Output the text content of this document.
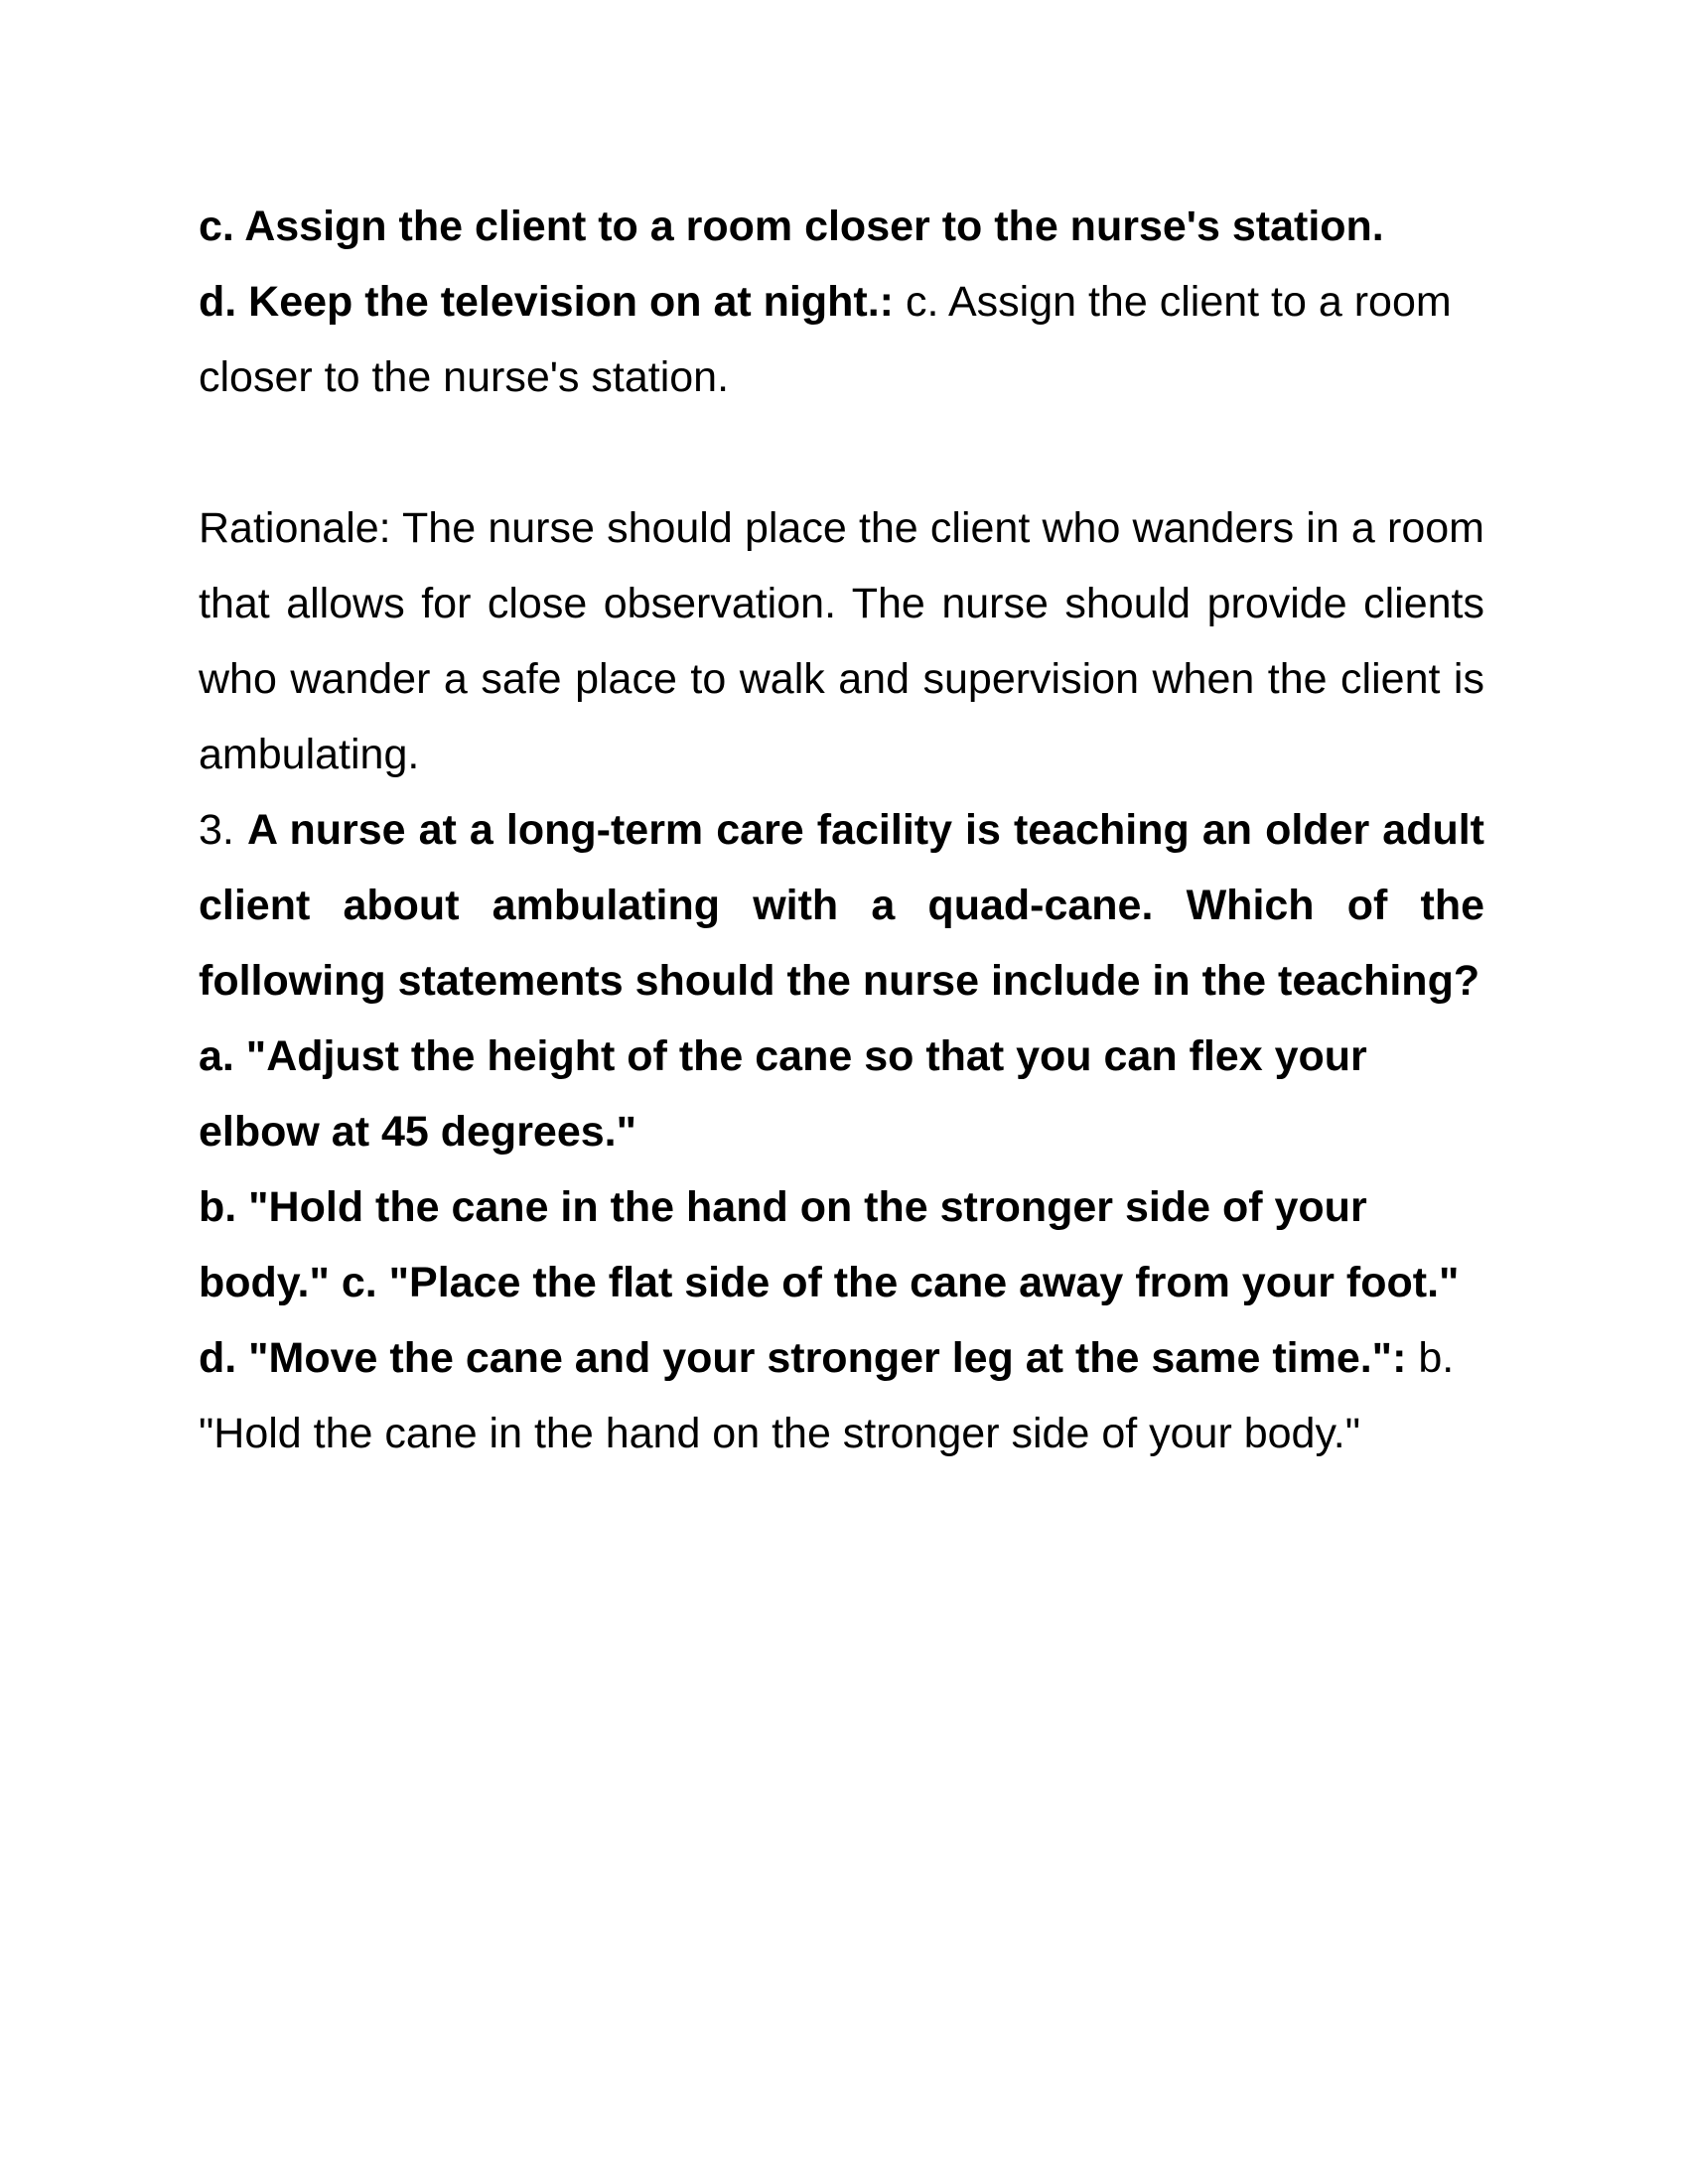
c. Assign the client to a room closer to the nurse's station.

d. Keep the television on at night.: c. Assign the client to a room closer to the nurse's station.

Rationale: The nurse should place the client who wanders in a room that allows for close observation. The nurse should provide clients who wander a safe place to walk and supervision when the client is ambulating.

3. A nurse at a long-term care facility is teaching an older adult client about ambulating with a quad-cane. Which of the following statements should the nurse include in the teaching?

a. "Adjust the height of the cane so that you can flex your elbow at 45 degrees."

b. "Hold the cane in the hand on the stronger side of your body." c. "Place the flat side of the cane away from your foot."

d. "Move the cane and your stronger leg at the same time.": b. "Hold the cane in the hand on the stronger side of your body."
